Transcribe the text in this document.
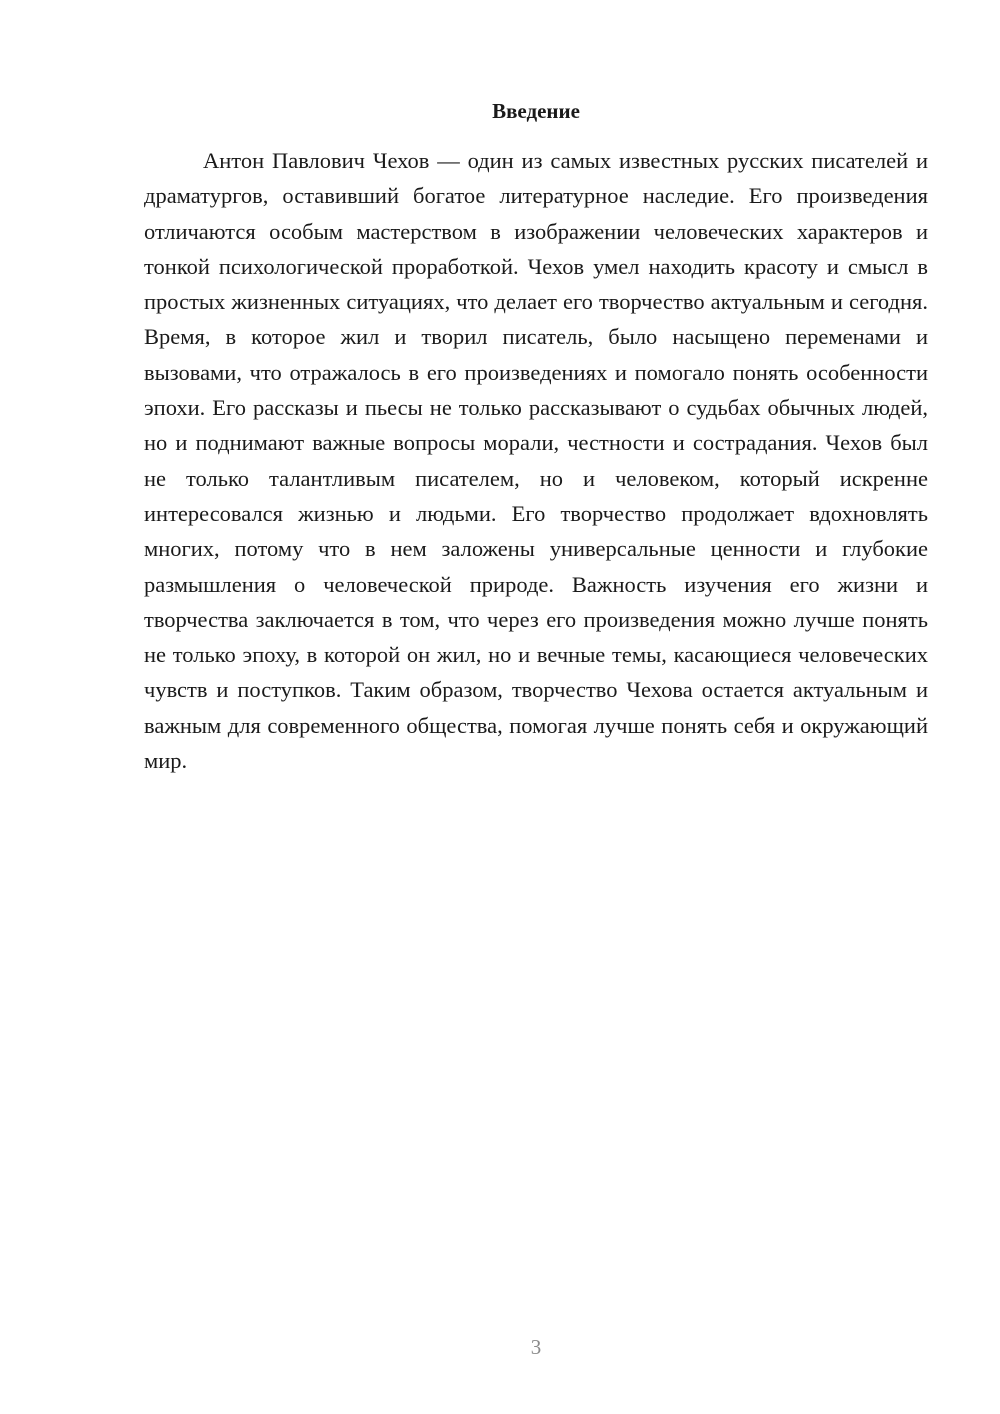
Введение

Антон Павлович Чехов — один из самых известных русских писателей и драматургов, оставивший богатое литературное наследие. Его произведения отличаются особым мастерством в изображении человеческих характеров и тонкой психологической проработкой. Чехов умел находить красоту и смысл в простых жизненных ситуациях, что делает его творчество актуальным и сегодня. Время, в которое жил и творил писатель, было насыщено переменами и вызовами, что отражалось в его произведениях и помогало понять особенности эпохи. Его рассказы и пьесы не только рассказывают о судьбах обычных людей, но и поднимают важные вопросы морали, честности и сострадания. Чехов был не только талантливым писателем, но и человеком, который искренне интересовался жизнью и людьми. Его творчество продолжает вдохновлять многих, потому что в нем заложены универсальные ценности и глубокие размышления о человеческой природе. Важность изучения его жизни и творчества заключается в том, что через его произведения можно лучше понять не только эпоху, в которой он жил, но и вечные темы, касающиеся человеческих чувств и поступков. Таким образом, творчество Чехова остается актуальным и важным для современного общества, помогая лучше понять себя и окружающий мир.

3
